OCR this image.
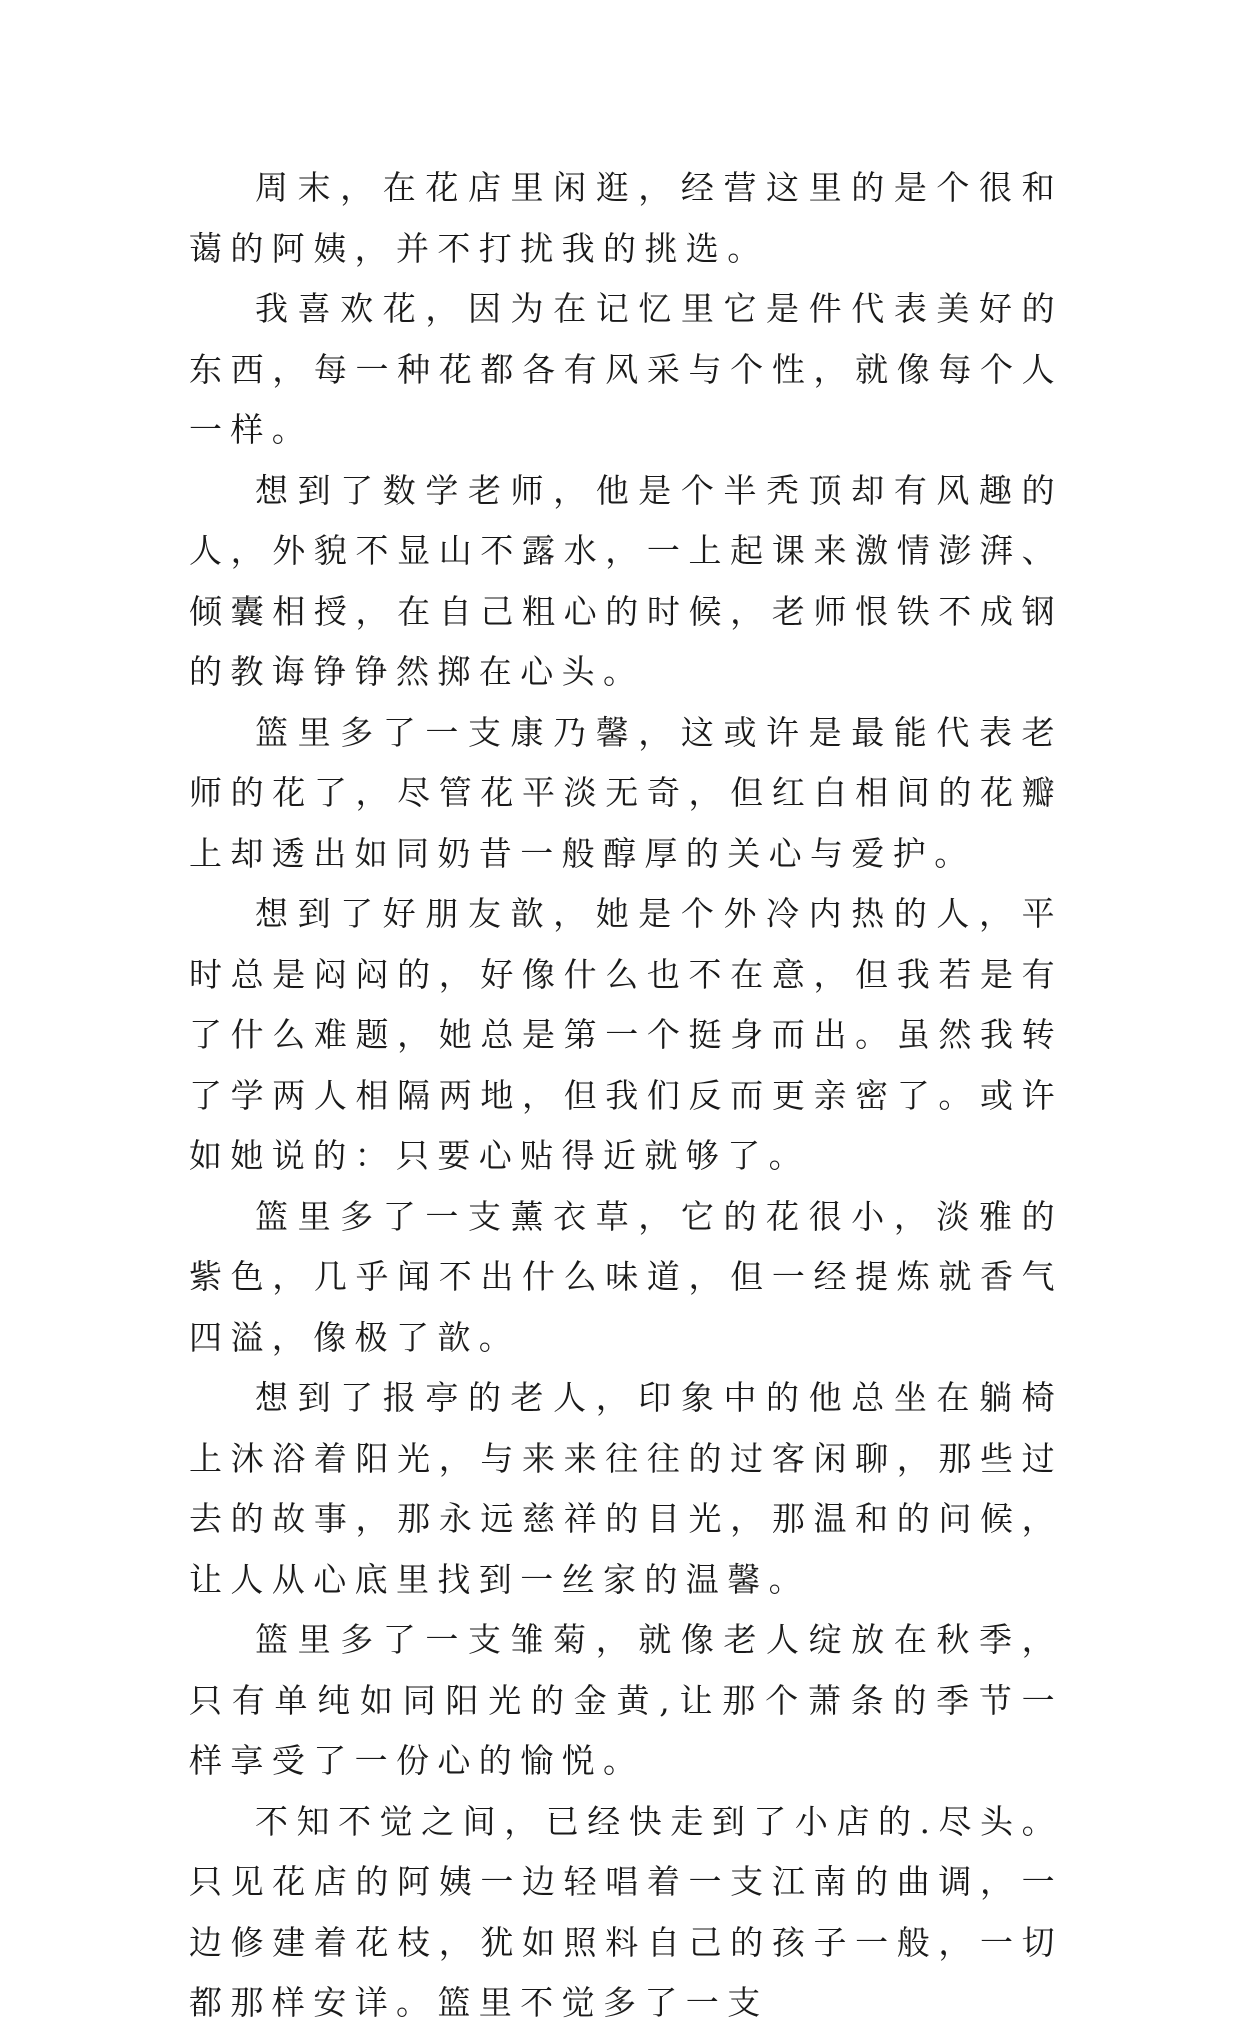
周末，在花店里闲逛，经营这里的是个很和蔼的阿姨，并不打扰我的挑选。

我喜欢花，因为在记忆里它是件代表美好的东西，每一种花都各有风采与个性，就像每个人一样。

想到了数学老师，他是个半秃顶却有风趣的人，外貌不显山不露水，一上起课来激情澎湃、倾囊相授，在自己粗心的时候，老师恨铁不成钢的教诲铮铮然掷在心头。

篮里多了一支康乃馨，这或许是最能代表老师的花了，尽管花平淡无奇，但红白相间的花瓣上却透出如同奶昔一般醇厚的关心与爱护。

想到了好朋友歆，她是个外冷内热的人，平时总是闷闷的，好像什么也不在意，但我若是有了什么难题，她总是第一个挺身而出。虽然我转了学两人相隔两地，但我们反而更亲密了。或许如她说的：只要心贴得近就够了。

篮里多了一支薰衣草，它的花很小，淡雅的紫色，几乎闻不出什么味道，但一经提炼就香气四溢，像极了歆。

想到了报亭的老人，印象中的他总坐在躺椅上沐浴着阳光，与来来往往的过客闲聊，那些过去的故事，那永远慈祥的目光，那温和的问候，让人从心底里找到一丝家的温馨。

篮里多了一支雏菊，就像老人绽放在秋季，只有单纯如同阳光的金黄,让那个萧条的季节一样享受了一份心的愉悦。

不知不觉之间，已经快走到了小店的.尽头。只见花店的阿姨一边轻唱着一支江南的曲调，一边修建着花枝，犹如照料自己的孩子一般，一切都那样安详。篮里不觉多了一支
